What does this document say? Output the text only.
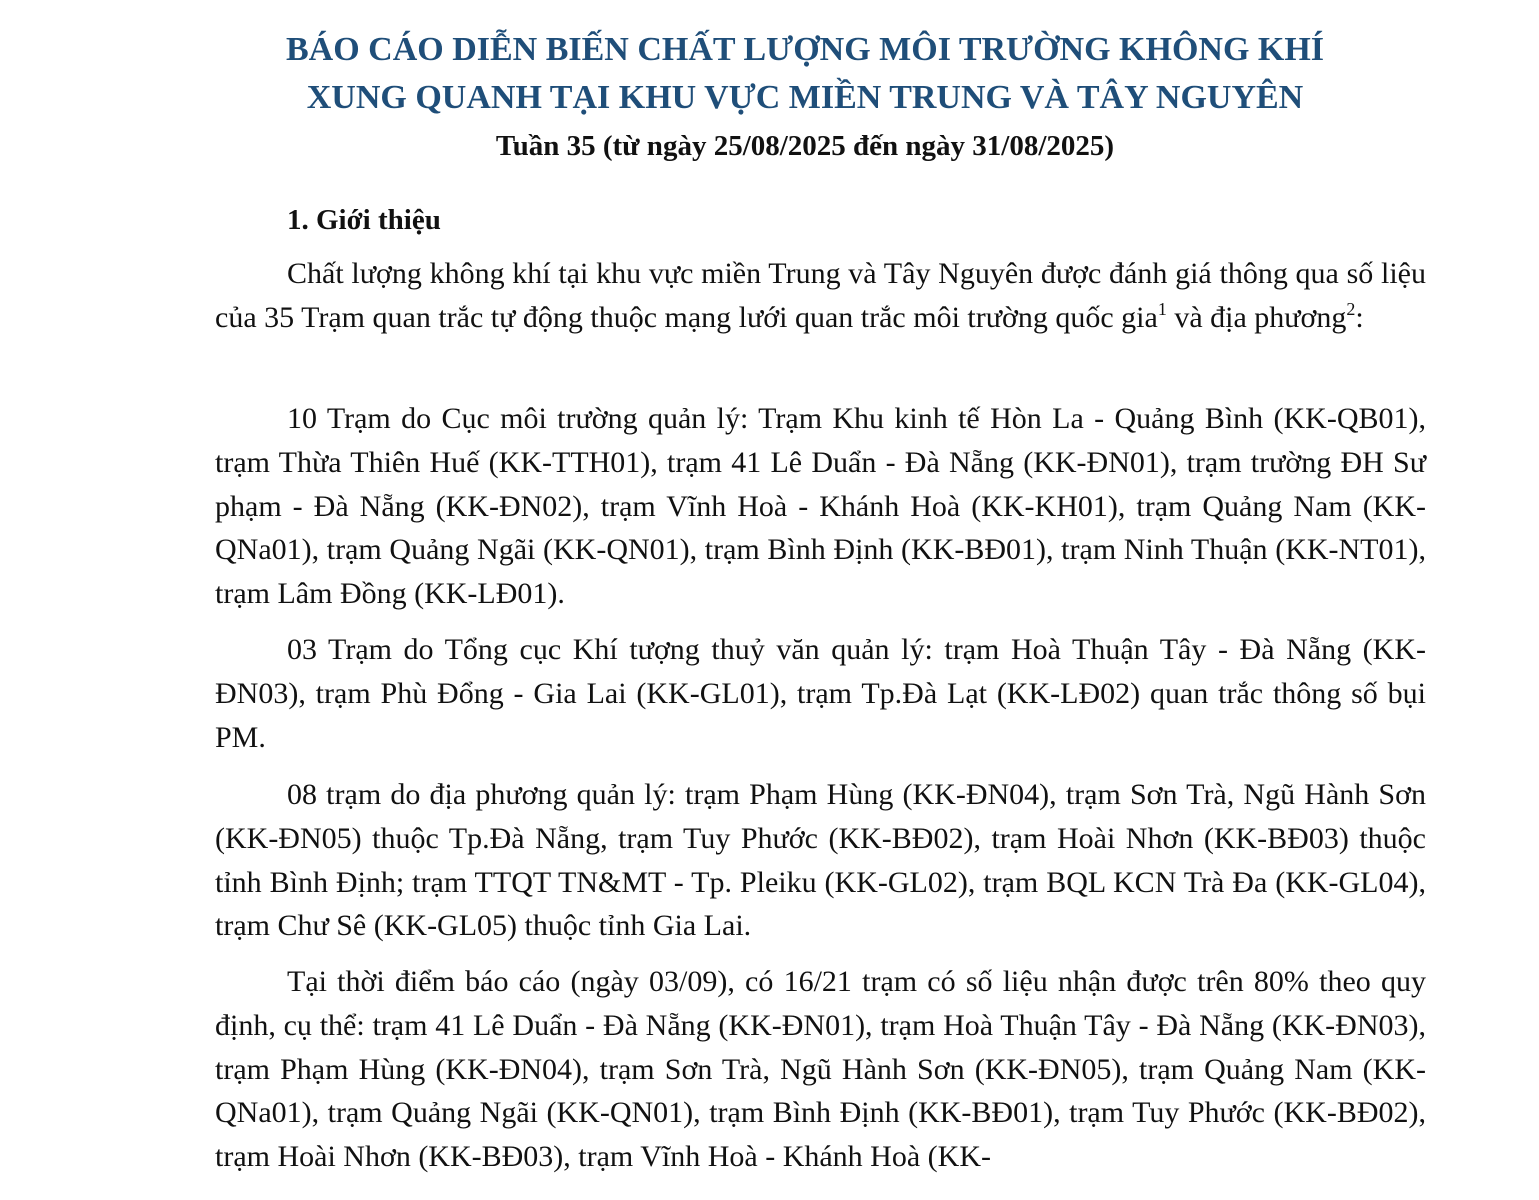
BÁO CÁO DIỄN BIẾN CHẤT LƯỢNG MÔI TRƯỜNG KHÔNG KHÍ
XUNG QUANH TẠI KHU VỰC MIỀN TRUNG VÀ TÂY NGUYÊN
Tuần 35 (từ ngày 25/08/2025 đến ngày 31/08/2025)
1. Giới thiệu

Chất lượng không khí tại khu vực miền Trung và Tây Nguyên được đánh giá thông qua số liệu của 35 Trạm quan trắc tự động thuộc mạng lưới quan trắc môi trường quốc gia$^1$ và địa phương$^2$:

10 Trạm do Cục môi trường quản lý: Trạm Khu kinh tế Hòn La - Quảng Bình (KK-QB01), trạm Thừa Thiên Huế (KK-TTH01), trạm 41 Lê Duẩn - Đà Nẵng (KK-ĐN01), trạm trường ĐH Sư phạm - Đà Nẵng (KK-ĐN02), trạm Vĩnh Hoà - Khánh Hoà (KK-KH01), trạm Quảng Nam (KK-QNa01), trạm Quảng Ngãi (KK-QN01), trạm Bình Định (KK-BĐ01), trạm Ninh Thuận (KK-NT01), trạm Lâm Đồng (KK-LĐ01).

03 Trạm do Tổng cục Khí tượng thuỷ văn quản lý: trạm Hoà Thuận Tây - Đà Nẵng (KK-ĐN03), trạm Phù Đổng - Gia Lai (KK-GL01), trạm Tp.Đà Lạt (KK-LĐ02) quan trắc thông số bụi PM.

08 trạm do địa phương quản lý: trạm Phạm Hùng (KK-ĐN04), trạm Sơn Trà, Ngũ Hành Sơn (KK-ĐN05) thuộc Tp.Đà Nẵng, trạm Tuy Phước (KK-BĐ02), trạm Hoài Nhơn (KK-BĐ03) thuộc tỉnh Bình Định; trạm TTQT TN&MT - Tp. Pleiku (KK-GL02), trạm BQL KCN Trà Đa (KK-GL04), trạm Chư Sê (KK-GL05) thuộc tỉnh Gia Lai.

Tại thời điểm báo cáo (ngày 03/09), có 16/21 trạm có số liệu nhận được trên 80% theo quy định, cụ thể: trạm 41 Lê Duẩn - Đà Nẵng (KK-ĐN01), trạm Hoà Thuận Tây - Đà Nẵng (KK-ĐN03), trạm Phạm Hùng (KK-ĐN04), trạm Sơn Trà, Ngũ Hành Sơn (KK-ĐN05), trạm Quảng Nam (KK-QNa01), trạm Quảng Ngãi (KK-QN01), trạm Bình Định (KK-BĐ01), trạm Tuy Phước (KK-BĐ02), trạm Hoài Nhơn (KK-BĐ03), trạm Vĩnh Hoà - Khánh Hoà (KK-
